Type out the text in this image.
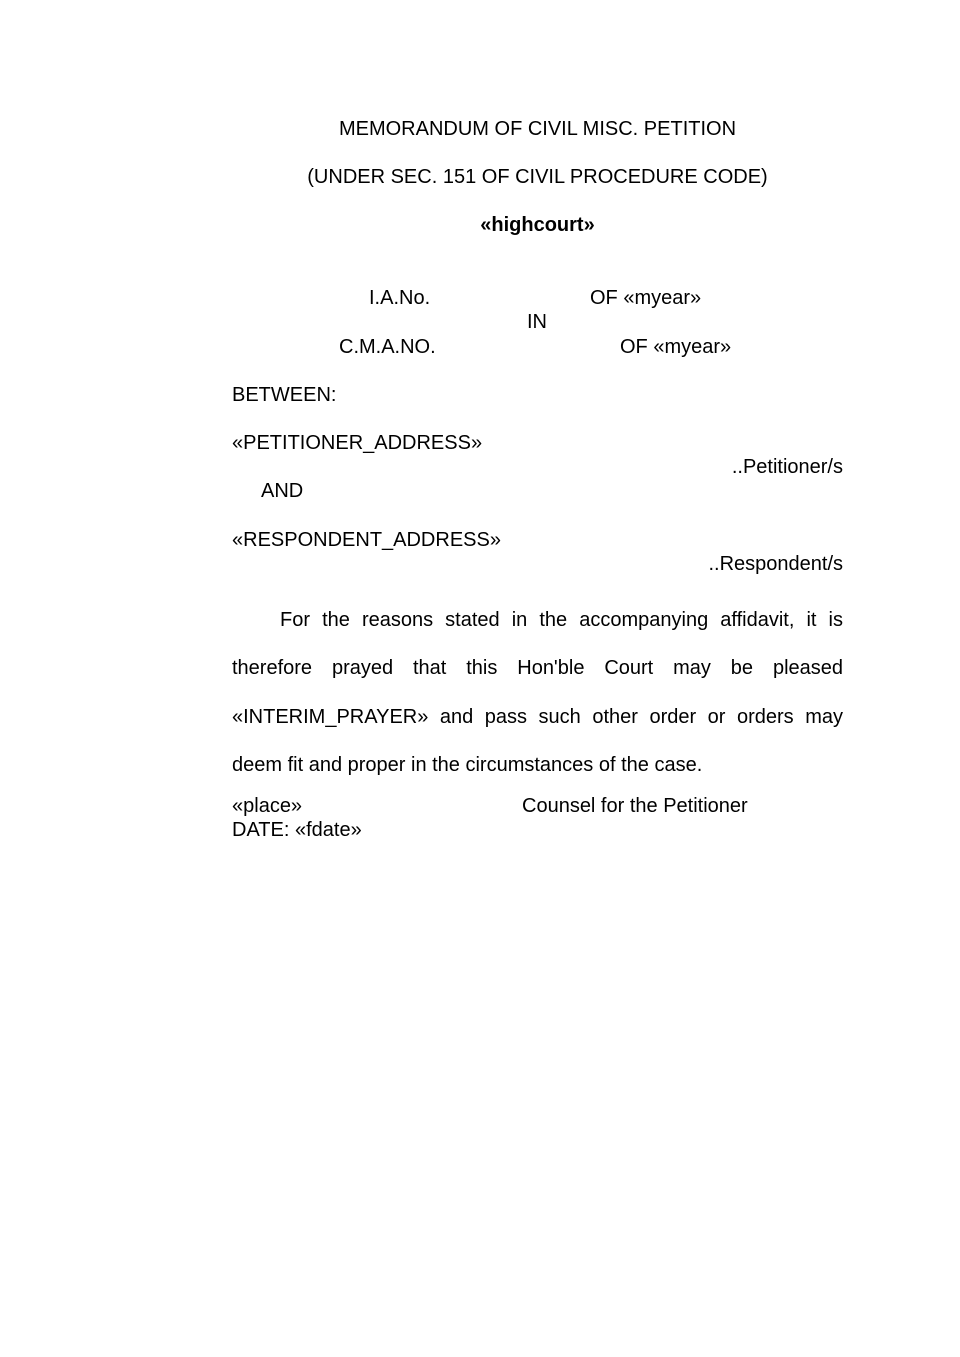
MEMORANDUM OF CIVIL MISC. PETITION
(UNDER SEC. 151 OF CIVIL PROCEDURE CODE)
«highcourt»
I.A.No.	OF «myear»
IN
C.M.A.NO.	OF «myear»
BETWEEN:
«PETITIONER_ADDRESS»
..Petitioner/s
AND
«RESPONDENT_ADDRESS»
..Respondent/s
For the reasons stated in the accompanying affidavit, it is therefore prayed that this Hon'ble Court may be pleased «INTERIM_PRAYER» and pass such other order or orders may deem fit and proper in the circumstances of the case.
«place»	Counsel for the Petitioner
DATE: «fdate»
